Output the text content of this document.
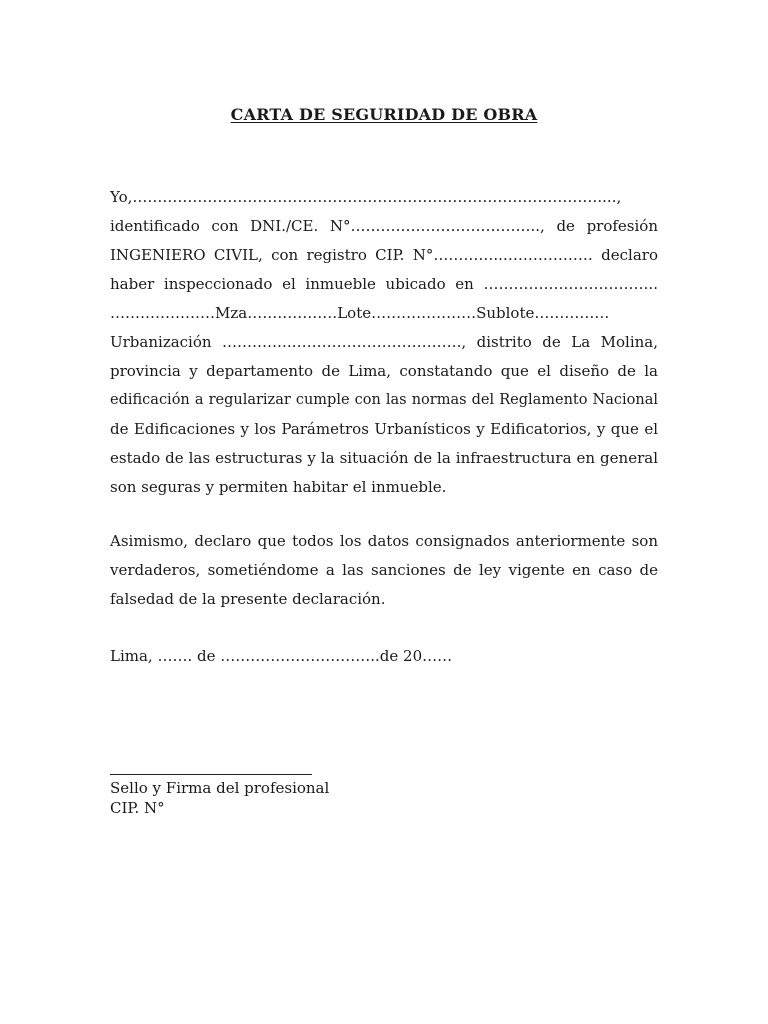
CARTA DE SEGURIDAD DE OBRA
Yo,…………………………………………………………………………………....,
identificado con DNI./CE. N°……………………………….., de profesión
INGENIERO CIVIL, con registro CIP. N°…………..……………… declaro
haber inspeccionado el inmueble ubicado en ……………………………..
…………………Mza………………Lote…………………Sublote……………
Urbanización …………..……………………………., distrito de La Molina,
provincia y departamento de Lima, constatando que el diseño de la
edificación a regularizar cumple con las normas del Reglamento Nacional
de Edificaciones y los Parámetros Urbanísticos y Edificatorios, y que el
estado de las estructuras y la situación de la infraestructura en general
son seguras y permiten habitar el inmueble.
Asimismo, declaro que todos los datos consignados anteriormente son
verdaderos, sometiéndome a las sanciones de ley vigente en caso de
falsedad de la presente declaración.

Lima, ……. de …………………………..de 20……

Sello y Firma del profesional

CIP. N°
